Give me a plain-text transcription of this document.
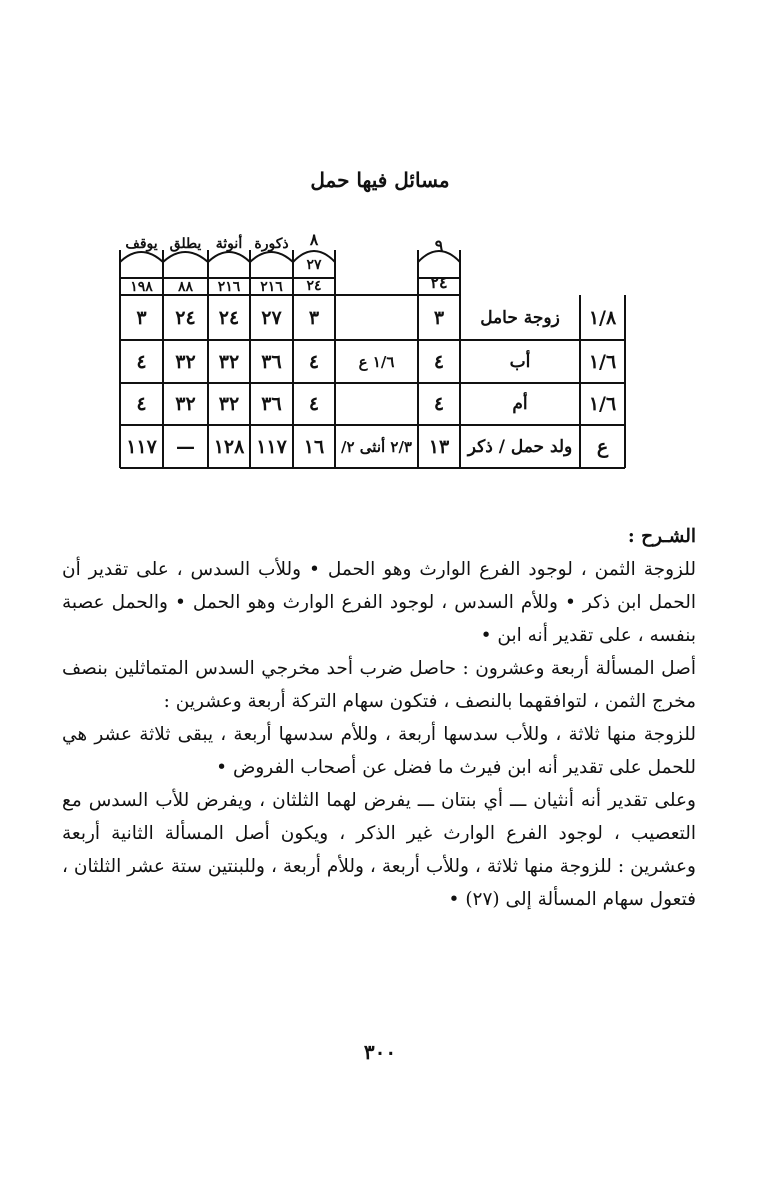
مسائل فيها حمل
٩
٨
ذكورة
أنوثة
يطلق
يوقف
٢٤
٢٧
٢٤
٢١٦
٢١٦
٨٨
١٩٨
١/٨
زوجة حامل
٣
٣
٢٧
٢٤
٢٤
٣
١/٦
أب
٤
١/٦ ع
٤
٣٦
٣٢
٣٢
٤
١/٦
أم
٤
٤
٣٦
٣٢
٣٢
٤
ع
ولد حمل / ذكر
١٣
٢/٣ أنثى ٢/
١٦
١١٧
١٢٨
—
١١٧

الشـرح :

للزوجة الثمن ، لوجود الفرع الوارث وهو الحمل • وللأب السدس ، على تقدير أن الحمل ابن ذكر • وللأم السدس ، لوجود الفرع الوارث وهو الحمل • والحمل عصبة بنفسه ، على تقدير أنه ابن •

أصل المسألة أربعة وعشرون : حاصل ضرب أحد مخرجي السدس المتماثلين بنصف مخرج الثمن ، لتوافقهما بالنصف ، فتكون سهام التركة أربعة وعشرين :

للزوجة منها ثلاثة ، وللأب سدسها أربعة ، وللأم سدسها أربعة ، يبقى ثلاثة عشر هي للحمل على تقدير أنه ابن فيرث ما فضل عن أصحاب الفروض •

وعلى تقدير أنه أنثيان ـــ أي بنتان ـــ يفرض لهما الثلثان ، ويفرض للأب السدس مع التعصيب ، لوجود الفرع الوارث غير الذكر ، ويكون أصل المسألة الثانية أربعة وعشرين : للزوجة منها ثلاثة ، وللأب أربعة ، وللأم أربعة ، وللبنتين ستة عشر الثلثان ، فتعول سهام المسألة إلى (٢٧) •

٣٠٠
